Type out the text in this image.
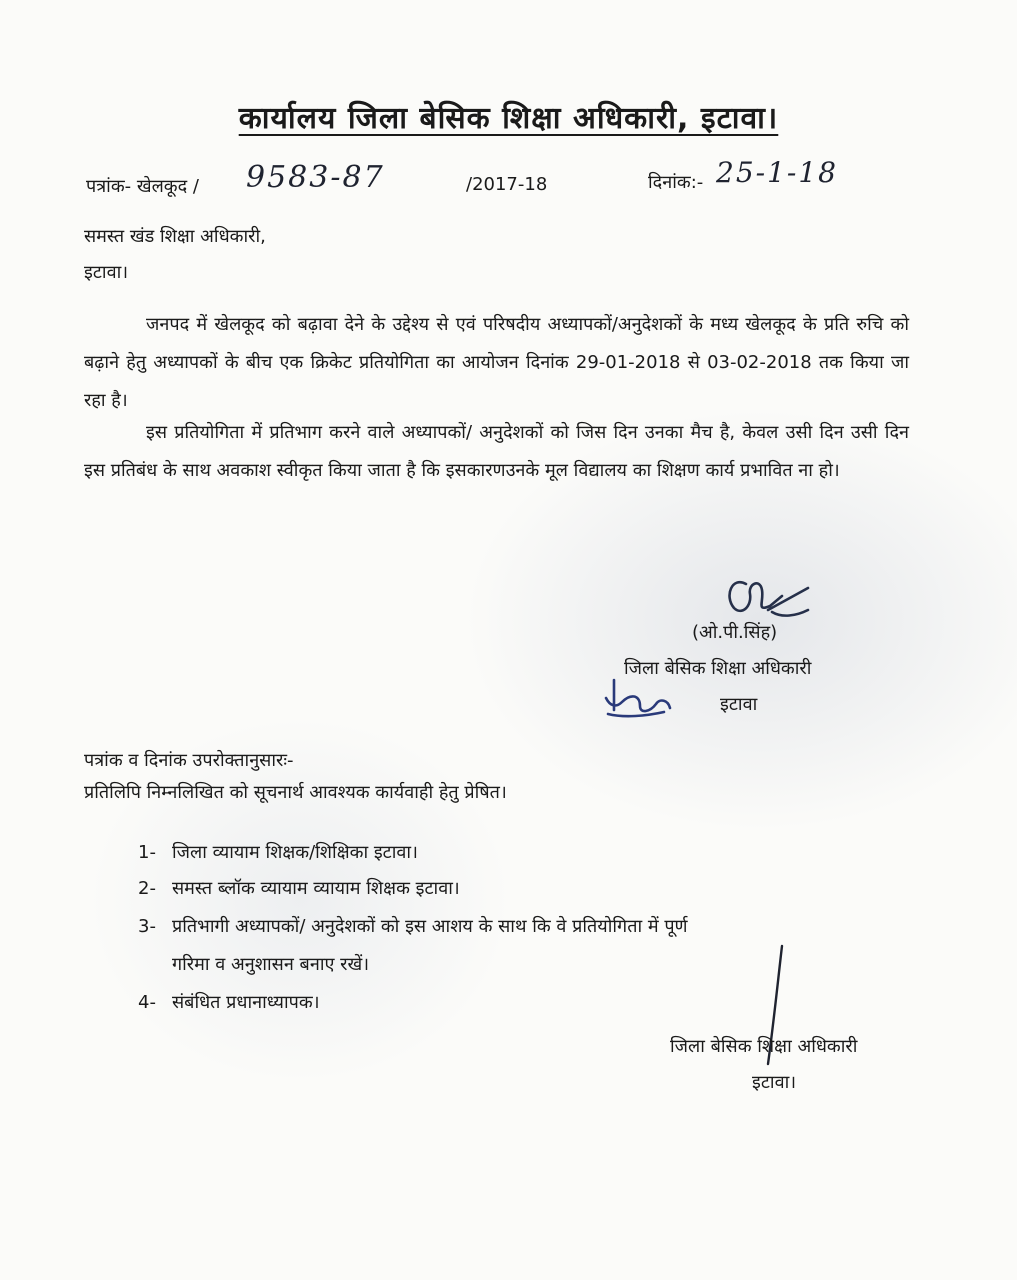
कार्यालय जिला बेसिक शिक्षा अधिकारी, इटावा।
पत्रांक- खेलकूद / 9583-87	/2017-18	दिनांक:- 25-1-18
समस्त खंड शिक्षा अधिकारी,
इटावा।
जनपद में खेलकूद को बढ़ावा देने के उद्देश्य से एवं परिषदीय अध्यापकों/अनुदेशकों के मध्य खेलकूद के प्रति रुचि को बढ़ाने हेतु अध्यापकों के बीच एक क्रिकेट प्रतियोगिता का आयोजन दिनांक 29-01-2018 से 03-02-2018 तक किया जा रहा है।
इस प्रतियोगिता में प्रतिभाग करने वाले अध्यापकों/ अनुदेशकों को जिस दिन उनका मैच है, केवल उसी दिन उसी दिन इस प्रतिबंध के साथ अवकाश स्वीकृत किया जाता है कि इसकारणउनके मूल विद्यालय का शिक्षण कार्य प्रभावित ना हो।
(ओ.पी.सिंह)
जिला बेसिक शिक्षा अधिकारी
इटावा
पत्रांक व दिनांक उपरोक्तानुसारः-
प्रतिलिपि निम्नलिखित को सूचनार्थ आवश्यक कार्यवाही हेतु प्रेषित।
1- जिला व्यायाम शिक्षक/शिक्षिका इटावा।
2- समस्त ब्लॉक व्यायाम व्यायाम शिक्षक इटावा।
3- प्रतिभागी अध्यापकों/ अनुदेशकों को इस आशय के साथ कि वे प्रतियोगिता में पूर्ण
गरिमा व अनुशासन बनाए रखें।
4- संबंधित प्रधानाध्यापक।
जिला बेसिक शिक्षा अधिकारी
इटावा।
